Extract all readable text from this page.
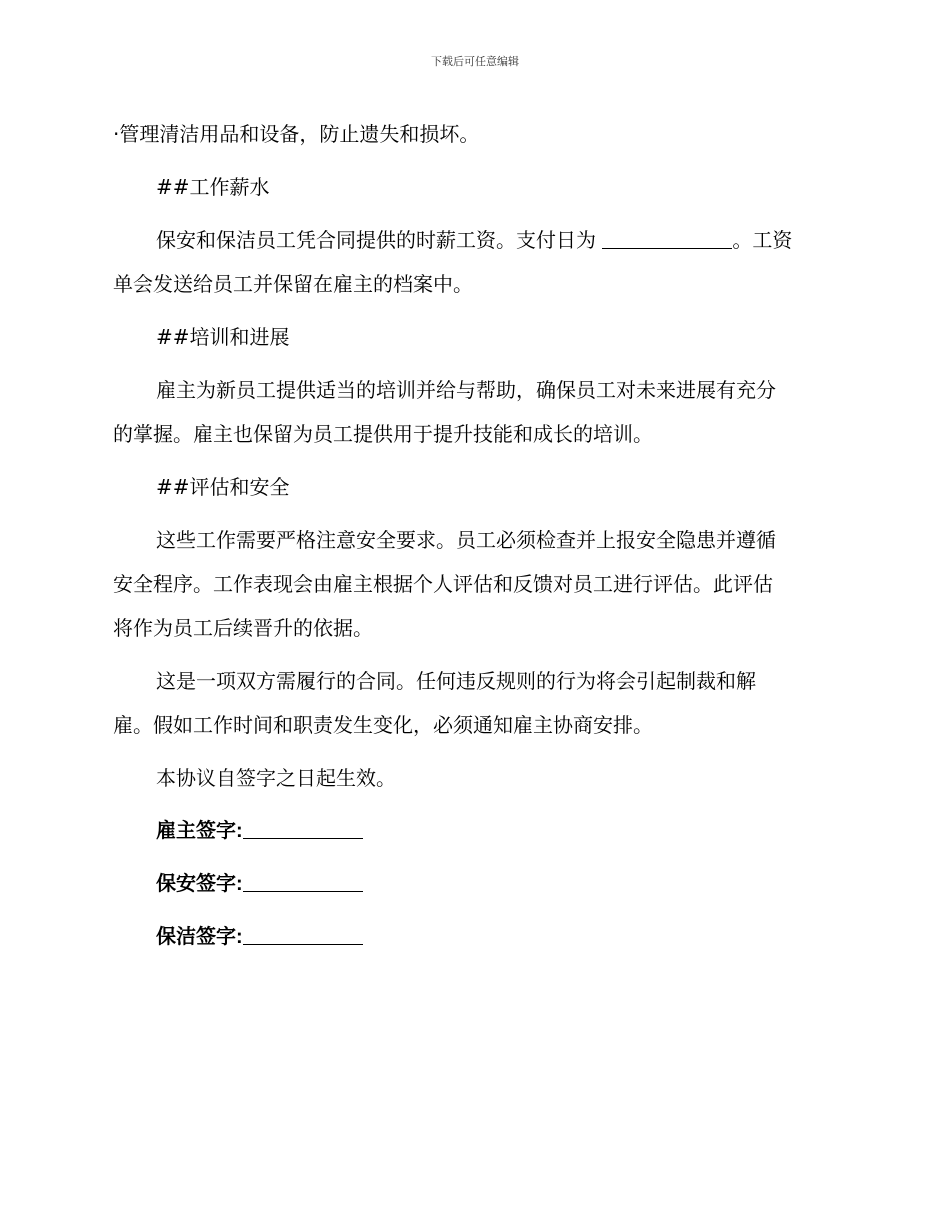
下载后可任意编辑

·管理清洁用品和设备，防止遗失和损坏。

##工作薪水

保安和保洁员工凭合同提供的时薪工资。支付日为	。工资

单会发送给员工并保留在雇主的档案中。

##培训和进展

雇主为新员工提供适当的培训并给与帮助，确保员工对未来进展有充分

的掌握。雇主也保留为员工提供用于提升技能和成长的培训。

##评估和安全

这些工作需要严格注意安全要求。员工必须检查并上报安全隐患并遵循

安全程序。工作表现会由雇主根据个人评估和反馈对员工进行评估。此评估

将作为员工后续晋升的依据。

这是一项双方需履行的合同。任何违反规则的行为将会引起制裁和解

雇。假如工作时间和职责发生变化，必须通知雇主协商安排。

本协议自签字之日起生效。

雇主签字:

保安签字:

保洁签字:
